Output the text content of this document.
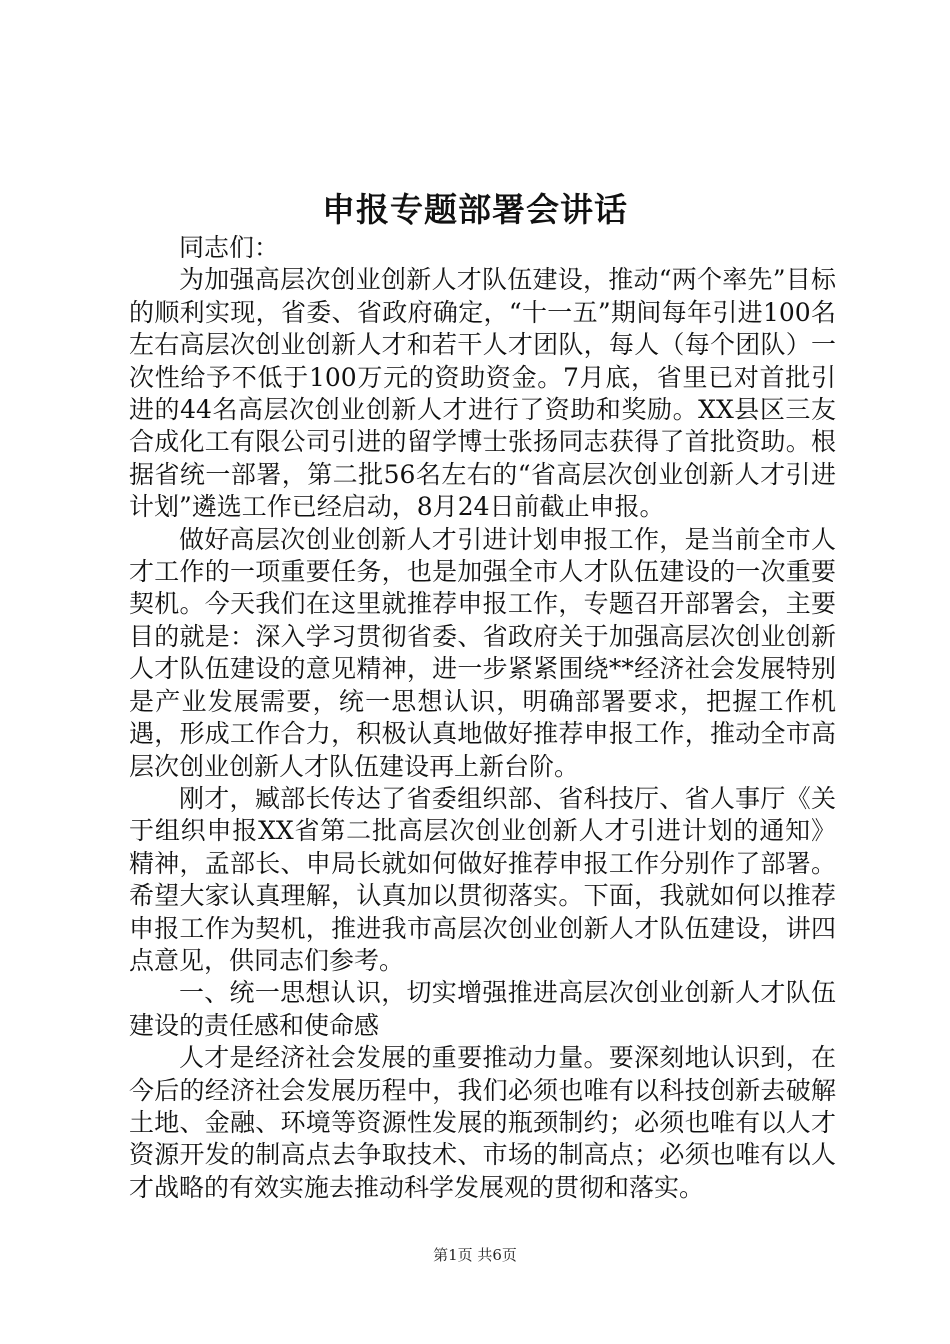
申报专题部署会讲话

同志们：

为加强高层次创业创新人才队伍建设，推动“两个率先”目标的顺利实现，省委、省政府确定，“十一五”期间每年引进100名左右高层次创业创新人才和若干人才团队，每人（每个团队）一次性给予不低于100万元的资助资金。7月底，省里已对首批引进的44名高层次创业创新人才进行了资助和奖励。XX县区三友合成化工有限公司引进的留学博士张扬同志获得了首批资助。根据省统一部署，第二批56名左右的“省高层次创业创新人才引进计划”遴选工作已经启动，8月24日前截止申报。

做好高层次创业创新人才引进计划申报工作，是当前全市人才工作的一项重要任务，也是加强全市人才队伍建设的一次重要契机。今天我们在这里就推荐申报工作，专题召开部署会，主要目的就是：深入学习贯彻省委、省政府关于加强高层次创业创新人才队伍建设的意见精神，进一步紧紧围绕**经济社会发展特别是产业发展需要，统一思想认识，明确部署要求，把握工作机遇，形成工作合力，积极认真地做好推荐申报工作，推动全市高层次创业创新人才队伍建设再上新台阶。

刚才，臧部长传达了省委组织部、省科技厅、省人事厅《关于组织申报XX省第二批高层次创业创新人才引进计划的通知》精神，孟部长、申局长就如何做好推荐申报工作分别作了部署。希望大家认真理解，认真加以贯彻落实。下面，我就如何以推荐申报工作为契机，推进我市高层次创业创新人才队伍建设，讲四点意见，供同志们参考。

一、统一思想认识，切实增强推进高层次创业创新人才队伍建设的责任感和使命感

人才是经济社会发展的重要推动力量。要深刻地认识到，在今后的经济社会发展历程中，我们必须也唯有以科技创新去破解土地、金融、环境等资源性发展的瓶颈制约；必须也唯有以人才资源开发的制高点去争取技术、市场的制高点；必须也唯有以人才战略的有效实施去推动科学发展观的贯彻和落实。

第1页 共6页
